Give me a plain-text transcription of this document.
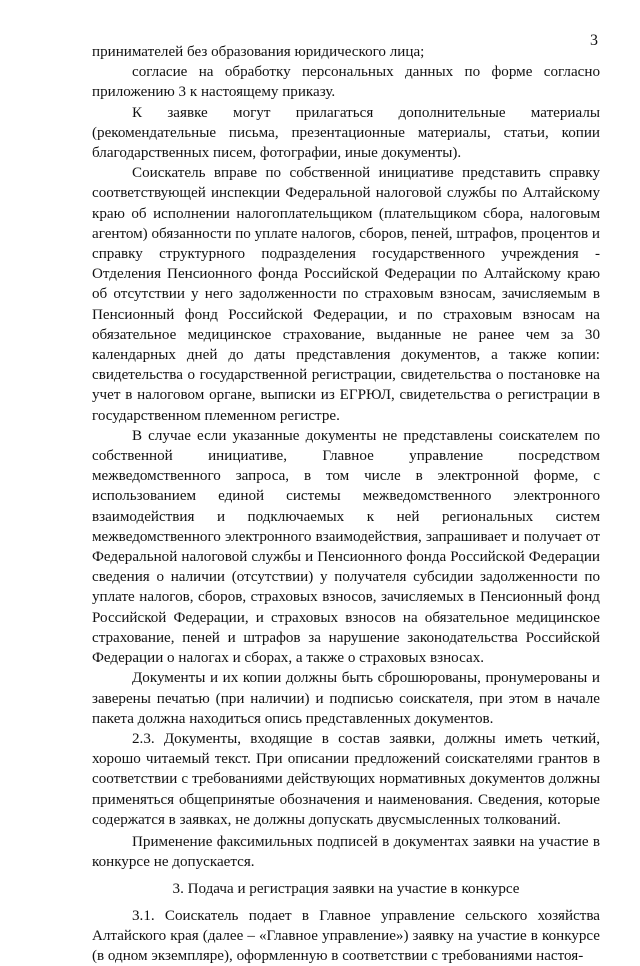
3

принимателей без образования юридического лица;

согласие на обработку персональных данных по форме согласно приложению 3 к настоящему приказу.

К заявке могут прилагаться дополнительные материалы (рекомендательные письма, презентационные материалы, статьи, копии благодарственных писем, фотографии, иные документы).

Соискатель вправе по собственной инициативе представить справку соответствующей инспекции Федеральной налоговой службы по Алтайскому краю об исполнении налогоплательщиком (плательщиком сбора, налоговым агентом) обязанности по уплате налогов, сборов, пеней, штрафов, процентов и справку структурного подразделения государственного учреждения - Отделения Пенсионного фонда Российской Федерации по Алтайскому краю об отсутствии у него задолженности по страховым взносам, зачисляемым в Пенсионный фонд Российской Федерации, и по страховым взносам на обязательное медицинское страхование, выданные не ранее чем за 30 календарных дней до даты представления документов, а также копии: свидетельства о государственной регистрации, свидетельства о постановке на учет в налоговом органе, выписки из ЕГРЮЛ, свидетельства о регистрации в государственном племенном регистре.

В случае если указанные документы не представлены соискателем по собственной инициативе, Главное управление посредством межведомственного запроса, в том числе в электронной форме, с использованием единой системы межведомственного электронного взаимодействия и подключаемых к ней региональных систем межведомственного электронного взаимодействия, запрашивает и получает от Федеральной налоговой службы и Пенсионного фонда Российской Федерации сведения о наличии (отсутствии) у получателя субсидии задолженности по уплате налогов, сборов, страховых взносов, зачисляемых в Пенсионный фонд Российской Федерации, и страховых взносов на обязательное медицинское страхование, пеней и штрафов за нарушение законодательства Российской Федерации о налогах и сборах, а также о страховых взносах.

Документы и их копии должны быть сброшюрованы, пронумерованы и заверены печатью (при наличии) и подписью соискателя, при этом в начале пакета должна находиться опись представленных документов.

2.3. Документы, входящие в состав заявки, должны иметь четкий, хорошо читаемый текст. При описании предложений соискателями грантов в соответствии с требованиями действующих нормативных документов должны применяться общепринятые обозначения и наименования. Сведения, которые содержатся в заявках, не должны допускать двусмысленных толкований.

Применение факсимильных подписей в документах заявки на участие в конкурсе не допускается.

3. Подача и регистрация заявки на участие в конкурсе

3.1. Соискатель подает в Главное управление сельского хозяйства Алтайского края (далее – «Главное управление») заявку на участие в конкурсе (в одном экземпляре), оформленную в соответствии с требованиями настоя-
